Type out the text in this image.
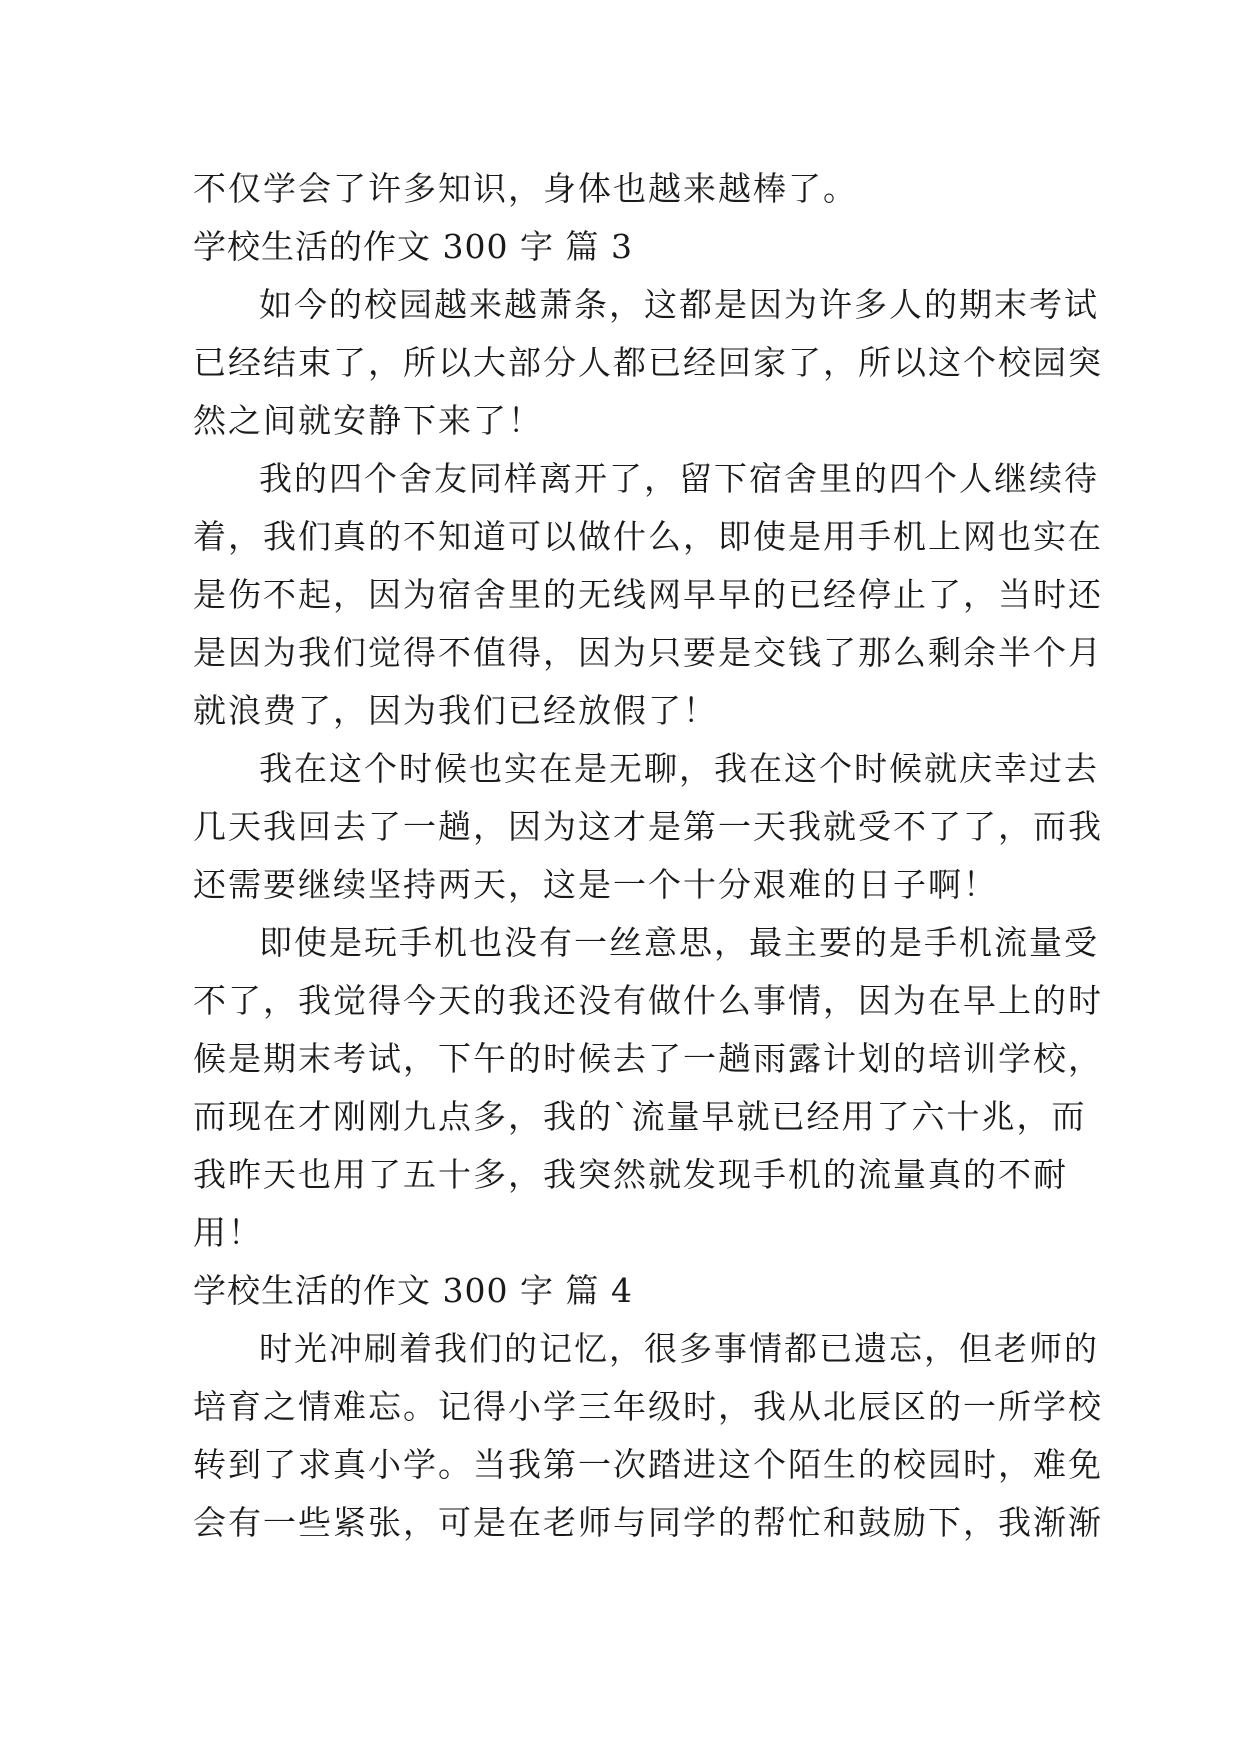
不仅学会了许多知识，身体也越来越棒了。
学校生活的作文 300 字 篇 3
如今的校园越来越萧条，这都是因为许多人的期末考试
已经结束了，所以大部分人都已经回家了，所以这个校园突
然之间就安静下来了！
我的四个舍友同样离开了，留下宿舍里的四个人继续待
着，我们真的不知道可以做什么，即使是用手机上网也实在
是伤不起，因为宿舍里的无线网早早的已经停止了，当时还
是因为我们觉得不值得，因为只要是交钱了那么剩余半个月
就浪费了，因为我们已经放假了！
我在这个时候也实在是无聊，我在这个时候就庆幸过去
几天我回去了一趟，因为这才是第一天我就受不了了，而我
还需要继续坚持两天，这是一个十分艰难的日子啊！
即使是玩手机也没有一丝意思，最主要的是手机流量受
不了，我觉得今天的我还没有做什么事情，因为在早上的时
候是期末考试，下午的时候去了一趟雨露计划的培训学校，
而现在才刚刚九点多，我的`流量早就已经用了六十兆，而
我昨天也用了五十多，我突然就发现手机的流量真的不耐
用！
学校生活的作文 300 字 篇 4
时光冲刷着我们的记忆，很多事情都已遗忘，但老师的
培育之情难忘。记得小学三年级时，我从北辰区的一所学校
转到了求真小学。当我第一次踏进这个陌生的校园时，难免
会有一些紧张，可是在老师与同学的帮忙和鼓励下，我渐渐
